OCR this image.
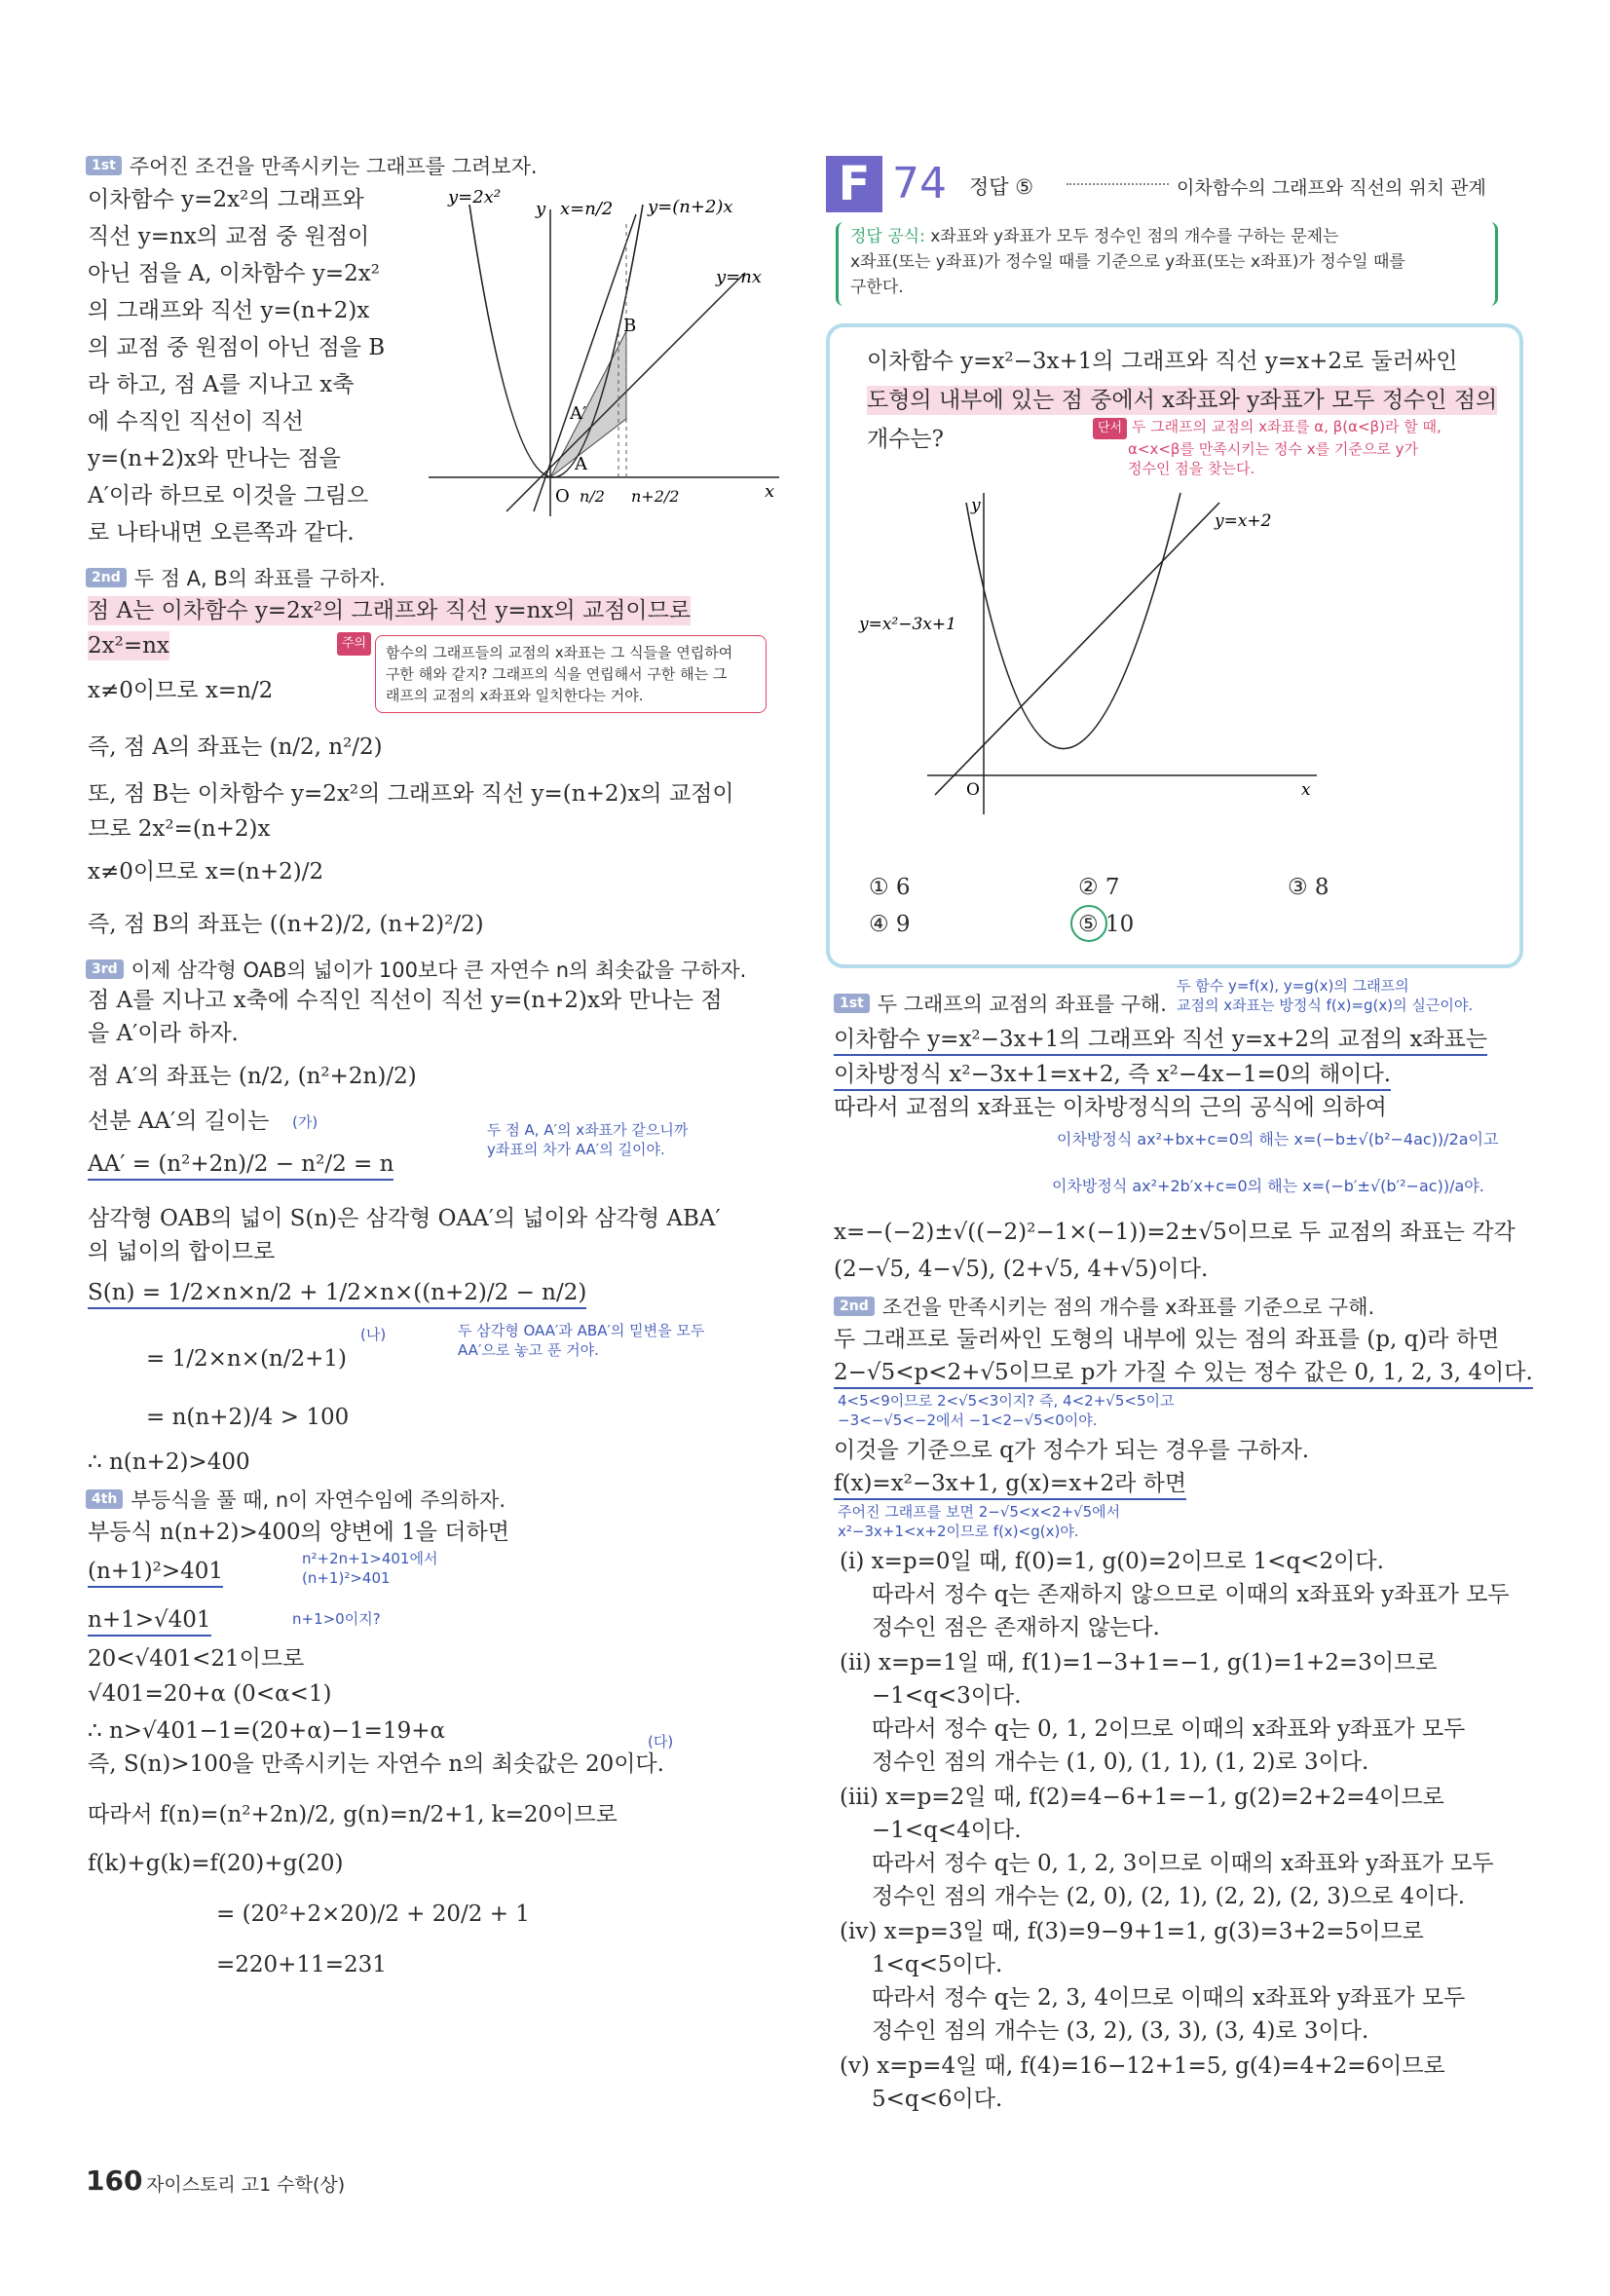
1st 주어진 조건을 만족시키는 그래프를 그려보자.
이차함수 y=2x²의 그래프와
직선 y=nx의 교점 중 원점이
아닌 점을 A, 이차함수 y=2x²
의 그래프와 직선 y=(n+2)x
의 교점 중 원점이 아닌 점을 B
라 하고, 점 A를 지나고 x축
에 수직인 직선이 직선
y=(n+2)x와 만나는 점을
A′이라 하므로 이것을 그림으
로 나타내면 오른쪽과 같다.
y=2x²
y x=n/2 y=(n+2)x
B
y=nx
A′
A
O n/2 n+2/2	x
2nd 두 점 A, B의 좌표를 구하자.
점 A는 이차함수 y=2x²의 그래프와 직선 y=nx의 교점이므로
2x²=nx
x≠0이므로 x=n/2
즉, 점 A의 좌표는 (n/2, n²/2)
또, 점 B는 이차함수 y=2x²의 그래프와 직선 y=(n+2)x의 교점이
므로 2x²=(n+2)x
x≠0이므로 x=(n+2)/2
즉, 점 B의 좌표는 ((n+2)/2, (n+2)²/2)
주의
함수의 그래프들의 교점의 x좌표는 그 식들을 연립하여
구한 해와 같지? 그래프의 식을 연립해서 구한 해는 그
래프의 교점의 x좌표와 일치한다는 거야.
3rd 이제 삼각형 OAB의 넓이가 100보다 큰 자연수 n의 최솟값을 구하자.
점 A를 지나고 x축에 수직인 직선이 직선 y=(n+2)x와 만나는 점
을 A′이라 하자.
점 A′의 좌표는 (n/2, (n²+2n)/2)
선분 AA′의 길이는
AA′ = (n²+2n)/2 − n²/2 = n
삼각형 OAB의 넓이 S(n)은 삼각형 OAA′의 넓이와 삼각형 ABA′
의 넓이의 합이므로
S(n) = 1/2×n×n/2 + 1/2×n×((n+2)/2 − n/2)
= 1/2×n×(n/2+1)
= n(n+2)/4 > 100
∴ n(n+2)>400
(가)	두 점 A, A′의 x좌표가 같으니까
y좌표의 차가 AA′의 길이야.
(나)	두 삼각형 OAA′과 ABA′의 밑변을 모두
AA′으로 놓고 푼 거야.
4th 부등식을 풀 때, n이 자연수임에 주의하자.
부등식 n(n+2)>400의 양변에 1을 더하면
(n+1)²>401
n+1>√401
20<√401<21이므로
√401=20+α (0<α<1)
∴ n>√401−1=(20+α)−1=19+α
즉, S(n)>100을 만족시키는 자연수 n의 최솟값은 20이다.
따라서 f(n)=(n²+2n)/2, g(n)=n/2+1, k=20이므로
f(k)+g(k)=f(20)+g(20)
= (20²+2×20)/2 + 20/2 + 1
=220+11=231
n²+2n+1>401에서
(n+1)²>401
n+1>0이지?
(다)
F 74 정답 ⑤	이차함수의 그래프와 직선의 위치 관계
정답 공식: x좌표와 y좌표가 모두 정수인 점의 개수를 구하는 문제는
x좌표(또는 y좌표)가 정수일 때를 기준으로 y좌표(또는 x좌표)가 정수일 때를
구한다.
이차함수 y=x²−3x+1의 그래프와 직선 y=x+2로 둘러싸인
도형의 내부에 있는 점 중에서 x좌표와 y좌표가 모두 정수인 점의
개수는?	단서 두 그래프의 교점의 x좌표를 α, β(α<β)라 할 때,
α<x<β를 만족시키는 정수 x를 기준으로 y가
정수인 점을 찾는다.
y
y=x+2
y=x²−3x+1
O	x
① 6	② 7	③ 8
④ 9	⑤ 10
1st 두 그래프의 교점의 좌표를 구해.
두 함수 y=f(x), y=g(x)의 그래프의
교점의 x좌표는 방정식 f(x)=g(x)의 실근이야.
이차함수 y=x²−3x+1의 그래프와 직선 y=x+2의 교점의 x좌표는
이차방정식 x²−3x+1=x+2, 즉 x²−4x−1=0의 해이다.
따라서 교점의 x좌표는 이차방정식의 근의 공식에 의하여
이차방정식 ax²+bx+c=0의 해는 x=(−b±√(b²−4ac))/2a이고
이차방정식 ax²+2b′x+c=0의 해는 x=(−b′±√(b′²−ac))/a야.
x=−(−2)±√((−2)²−1×(−1))=2±√5이므로 두 교점의 좌표는 각각
(2−√5, 4−√5), (2+√5, 4+√5)이다.
2nd 조건을 만족시키는 점의 개수를 x좌표를 기준으로 구해.
두 그래프로 둘러싸인 도형의 내부에 있는 점의 좌표를 (p, q)라 하면
2−√5<p<2+√5이므로 p가 가질 수 있는 정수 값은 0, 1, 2, 3, 4이다.
4<5<9이므로 2<√5<3이지? 즉, 4<2+√5<5이고
−3<−√5<−2에서 −1<2−√5<0이야.
이것을 기준으로 q가 정수가 되는 경우를 구하자.
f(x)=x²−3x+1, g(x)=x+2라 하면
주어진 그래프를 보면 2−√5<x<2+√5에서
x²−3x+1<x+2이므로 f(x)<g(x)야.
(i) x=p=0일 때, f(0)=1, g(0)=2이므로 1<q<2이다.
따라서 정수 q는 존재하지 않으므로 이때의 x좌표와 y좌표가 모두
정수인 점은 존재하지 않는다.
(ii) x=p=1일 때, f(1)=1−3+1=−1, g(1)=1+2=3이므로
−1<q<3이다.
따라서 정수 q는 0, 1, 2이므로 이때의 x좌표와 y좌표가 모두
정수인 점의 개수는 (1, 0), (1, 1), (1, 2)로 3이다.
(iii) x=p=2일 때, f(2)=4−6+1=−1, g(2)=2+2=4이므로
−1<q<4이다.
따라서 정수 q는 0, 1, 2, 3이므로 이때의 x좌표와 y좌표가 모두
정수인 점의 개수는 (2, 0), (2, 1), (2, 2), (2, 3)으로 4이다.
(iv) x=p=3일 때, f(3)=9−9+1=1, g(3)=3+2=5이므로
1<q<5이다.
따라서 정수 q는 2, 3, 4이므로 이때의 x좌표와 y좌표가 모두
정수인 점의 개수는 (3, 2), (3, 3), (3, 4)로 3이다.
(v) x=p=4일 때, f(4)=16−12+1=5, g(4)=4+2=6이므로
5<q<6이다.
160 자이스토리 고1 수학(상)
